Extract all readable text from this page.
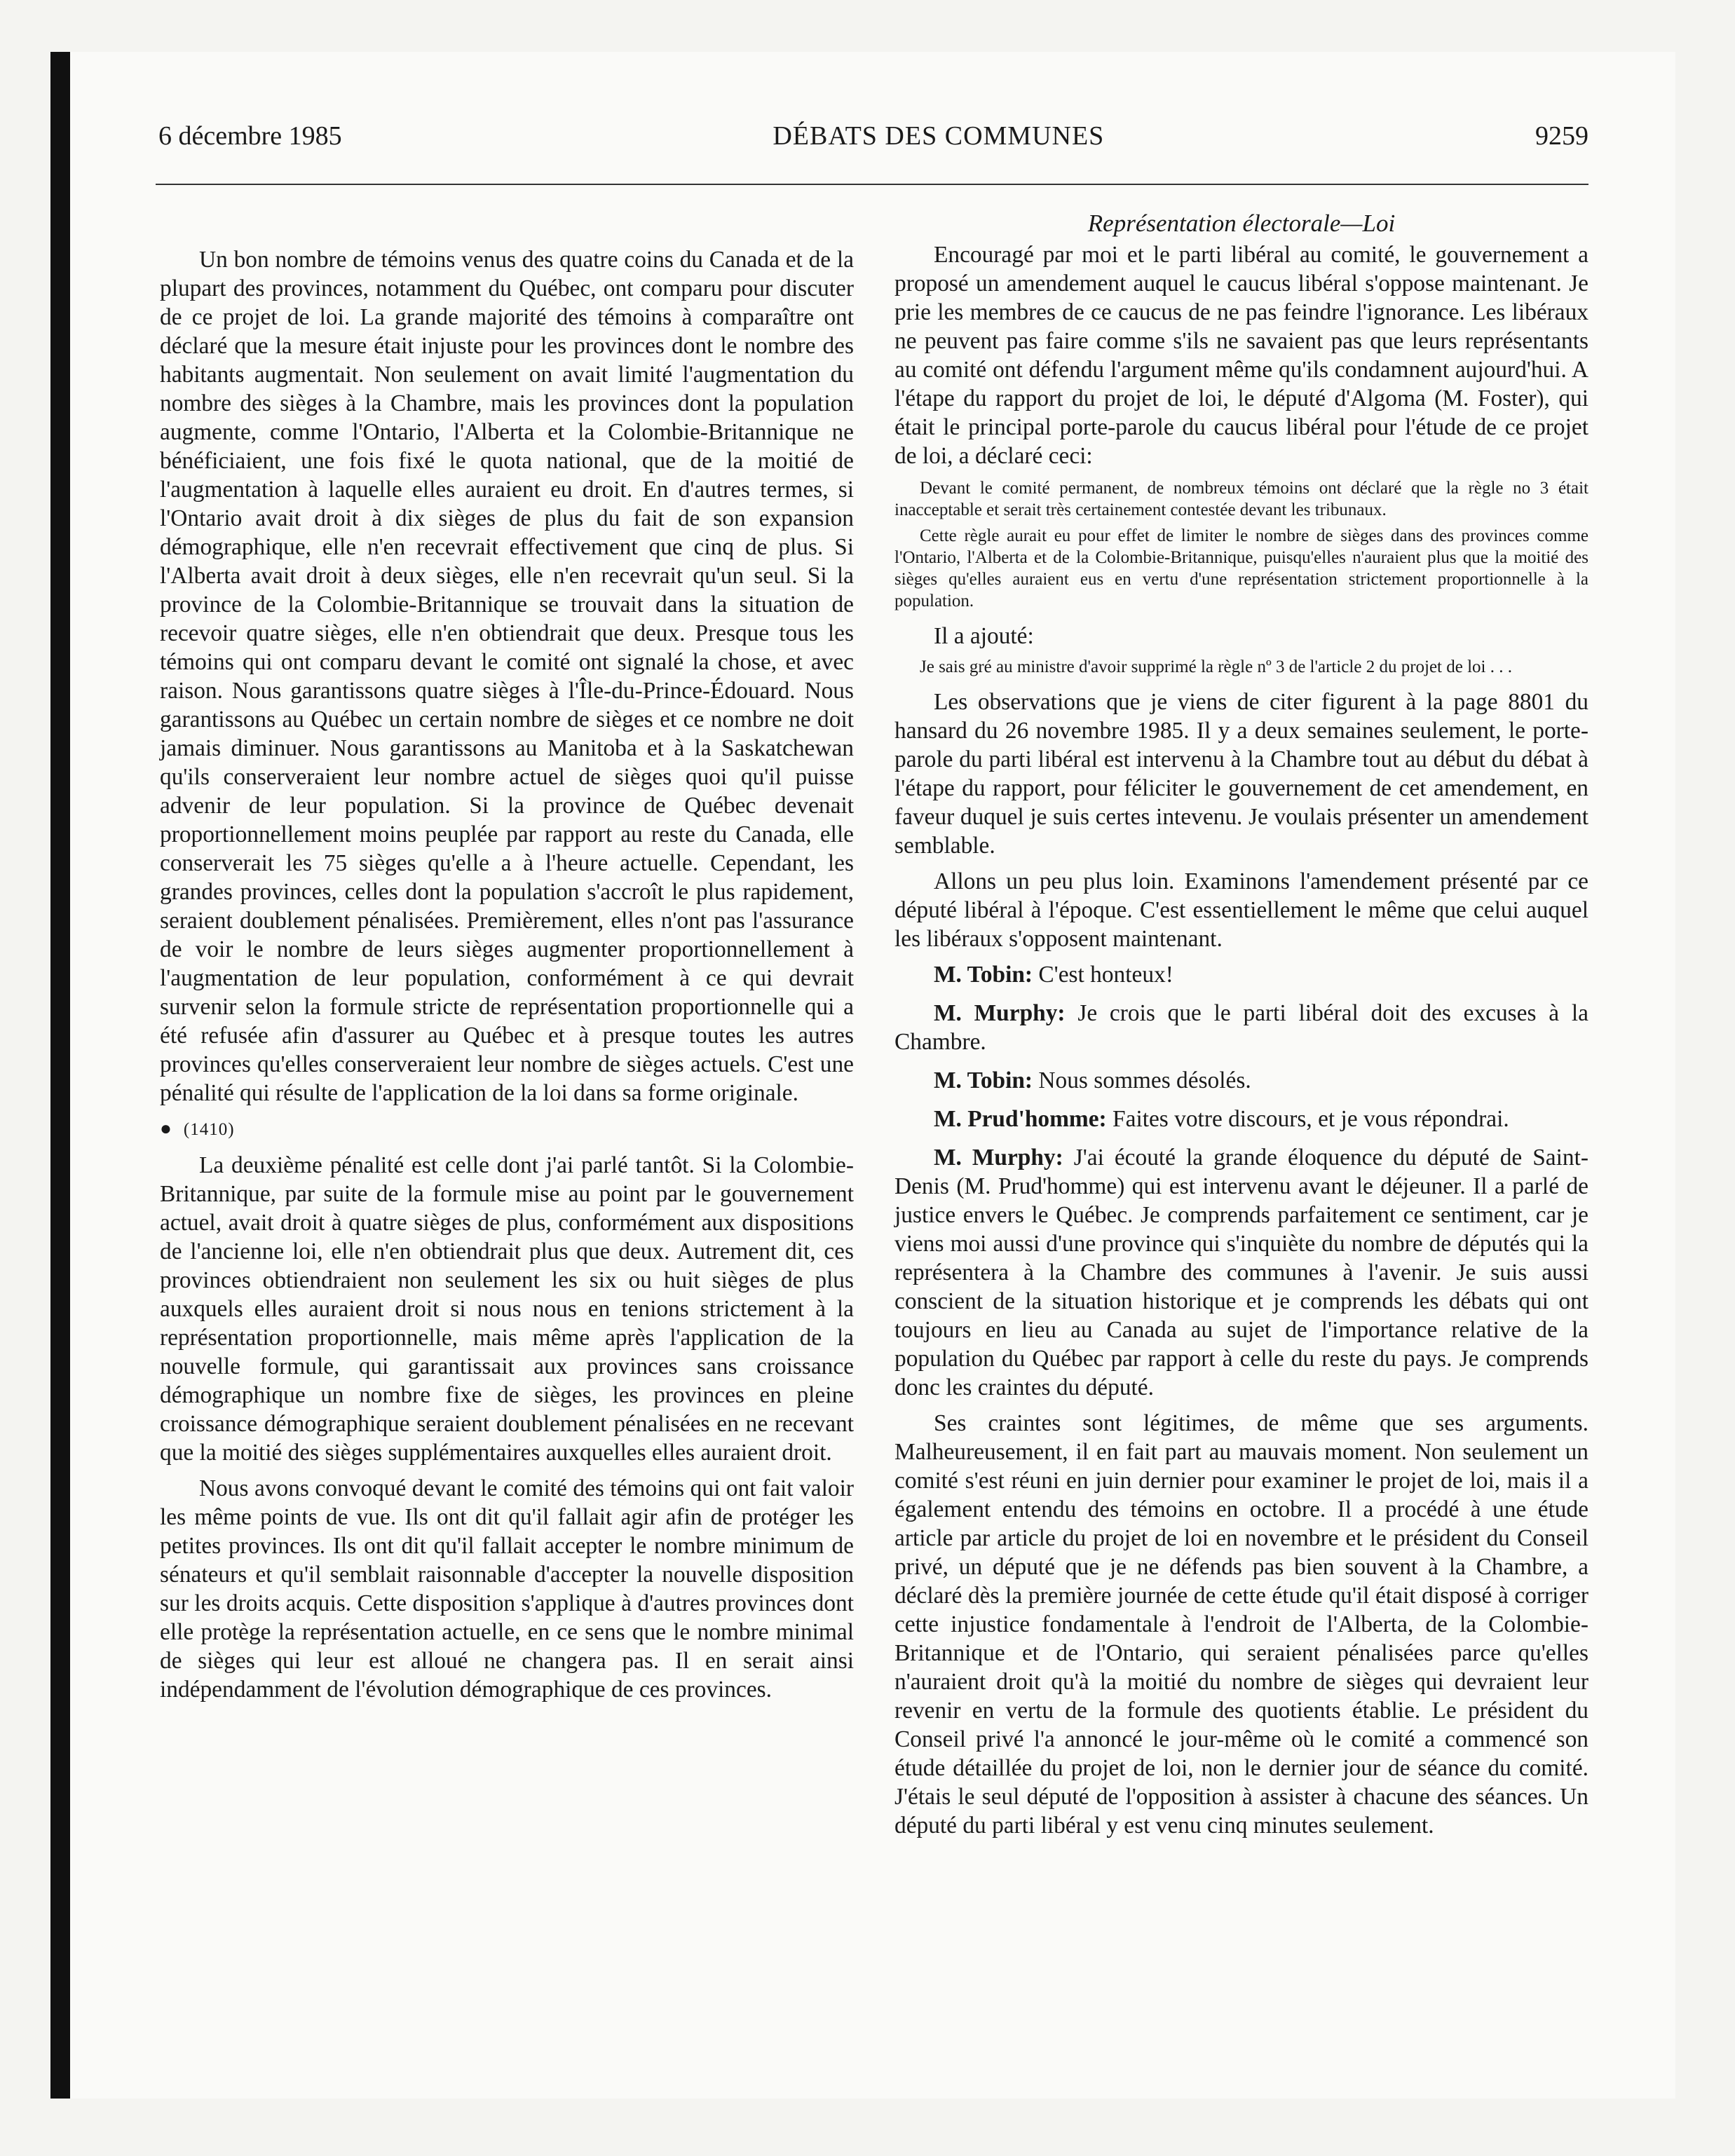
6 décembre 1985	DÉBATS DES COMMUNES	9259

Un bon nombre de témoins venus des quatre coins du Canada et de la plupart des provinces, notamment du Québec, ont comparu pour discuter de ce projet de loi. La grande majorité des témoins à comparaître ont déclaré que la mesure était injuste pour les provinces dont le nombre des habitants augmentait. Non seulement on avait limité l'augmentation du nombre des sièges à la Chambre, mais les provinces dont la population augmente, comme l'Ontario, l'Alberta et la Colombie-Britannique ne bénéficiaient, une fois fixé le quota national, que de la moitié de l'augmentation à laquelle elles auraient eu droit. En d'autres termes, si l'Ontario avait droit à dix sièges de plus du fait de son expansion démographique, elle n'en recevrait effectivement que cinq de plus. Si l'Alberta avait droit à deux sièges, elle n'en recevrait qu'un seul. Si la province de la Colombie-Britannique se trouvait dans la situation de recevoir quatre sièges, elle n'en obtiendrait que deux. Presque tous les témoins qui ont comparu devant le comité ont signalé la chose, et avec raison. Nous garantissons quatre sièges à l'Île-du-Prince-Édouard. Nous garantissons au Québec un certain nombre de sièges et ce nombre ne doit jamais diminuer. Nous garantissons au Manitoba et à la Saskatchewan qu'ils conserveraient leur nombre actuel de sièges quoi qu'il puisse advenir de leur population. Si la province de Québec devenait proportionnellement moins peuplée par rapport au reste du Canada, elle conserverait les 75 sièges qu'elle a à l'heure actuelle. Cependant, les grandes provinces, celles dont la population s'accroît le plus rapidement, seraient doublement pénalisées. Premièrement, elles n'ont pas l'assurance de voir le nombre de leurs sièges augmenter proportionnellement à l'augmentation de leur population, conformément à ce qui devrait survenir selon la formule stricte de représentation proportionnelle qui a été refusée afin d'assurer au Québec et à presque toutes les autres provinces qu'elles conserveraient leur nombre de sièges actuels. C'est une pénalité qui résulte de l'application de la loi dans sa forme originale.

● (1410)

La deuxième pénalité est celle dont j'ai parlé tantôt. Si la Colombie-Britannique, par suite de la formule mise au point par le gouvernement actuel, avait droit à quatre sièges de plus, conformément aux dispositions de l'ancienne loi, elle n'en obtiendrait plus que deux. Autrement dit, ces provinces obtiendraient non seulement les six ou huit sièges de plus auxquels elles auraient droit si nous nous en tenions strictement à la représentation proportionnelle, mais même après l'application de la nouvelle formule, qui garantissait aux provinces sans croissance démographique un nombre fixe de sièges, les provinces en pleine croissance démographique seraient doublement pénalisées en ne recevant que la moitié des sièges supplémentaires auxquelles elles auraient droit.

Nous avons convoqué devant le comité des témoins qui ont fait valoir les même points de vue. Ils ont dit qu'il fallait agir afin de protéger les petites provinces. Ils ont dit qu'il fallait accepter le nombre minimum de sénateurs et qu'il semblait raisonnable d'accepter la nouvelle disposition sur les droits acquis. Cette disposition s'applique à d'autres provinces dont elle protège la représentation actuelle, en ce sens que le nombre minimal de sièges qui leur est alloué ne changera pas. Il en serait ainsi indépendamment de l'évolution démographique de ces provinces.

Représentation électorale—Loi

Encouragé par moi et le parti libéral au comité, le gouvernement a proposé un amendement auquel le caucus libéral s'oppose maintenant. Je prie les membres de ce caucus de ne pas feindre l'ignorance. Les libéraux ne peuvent pas faire comme s'ils ne savaient pas que leurs représentants au comité ont défendu l'argument même qu'ils condamnent aujourd'hui. A l'étape du rapport du projet de loi, le député d'Algoma (M. Foster), qui était le principal porte-parole du caucus libéral pour l'étude de ce projet de loi, a déclaré ceci:

Devant le comité permanent, de nombreux témoins ont déclaré que la règle no 3 était inacceptable et serait très certainement contestée devant les tribunaux.

Cette règle aurait eu pour effet de limiter le nombre de sièges dans des provinces comme l'Ontario, l'Alberta et de la Colombie-Britannique, puisqu'elles n'auraient plus que la moitié des sièges qu'elles auraient eus en vertu d'une représentation strictement proportionnelle à la population.

Il a ajouté:

Je sais gré au ministre d'avoir supprimé la règle nº 3 de l'article 2 du projet de loi . . .

Les observations que je viens de citer figurent à la page 8801 du hansard du 26 novembre 1985. Il y a deux semaines seulement, le porte-parole du parti libéral est intervenu à la Chambre tout au début du débat à l'étape du rapport, pour féliciter le gouvernement de cet amendement, en faveur duquel je suis certes intevenu. Je voulais présenter un amendement semblable.

Allons un peu plus loin. Examinons l'amendement présenté par ce député libéral à l'époque. C'est essentiellement le même que celui auquel les libéraux s'opposent maintenant.

M. Tobin: C'est honteux!

M. Murphy: Je crois que le parti libéral doit des excuses à la Chambre.

M. Tobin: Nous sommes désolés.

M. Prud'homme: Faites votre discours, et je vous répondrai.

M. Murphy: J'ai écouté la grande éloquence du député de Saint-Denis (M. Prud'homme) qui est intervenu avant le déjeuner. Il a parlé de justice envers le Québec. Je comprends parfaitement ce sentiment, car je viens moi aussi d'une province qui s'inquiète du nombre de députés qui la représentera à la Chambre des communes à l'avenir. Je suis aussi conscient de la situation historique et je comprends les débats qui ont toujours en lieu au Canada au sujet de l'importance relative de la population du Québec par rapport à celle du reste du pays. Je comprends donc les craintes du député.

Ses craintes sont légitimes, de même que ses arguments. Malheureusement, il en fait part au mauvais moment. Non seulement un comité s'est réuni en juin dernier pour examiner le projet de loi, mais il a également entendu des témoins en octobre. Il a procédé à une étude article par article du projet de loi en novembre et le président du Conseil privé, un député que je ne défends pas bien souvent à la Chambre, a déclaré dès la première journée de cette étude qu'il était disposé à corriger cette injustice fondamentale à l'endroit de l'Alberta, de la Colombie-Britannique et de l'Ontario, qui seraient pénalisées parce qu'elles n'auraient droit qu'à la moitié du nombre de sièges qui devraient leur revenir en vertu de la formule des quotients établie. Le président du Conseil privé l'a annoncé le jour-même où le comité a commencé son étude détaillée du projet de loi, non le dernier jour de séance du comité. J'étais le seul député de l'opposition à assister à chacune des séances. Un député du parti libéral y est venu cinq minutes seulement.
